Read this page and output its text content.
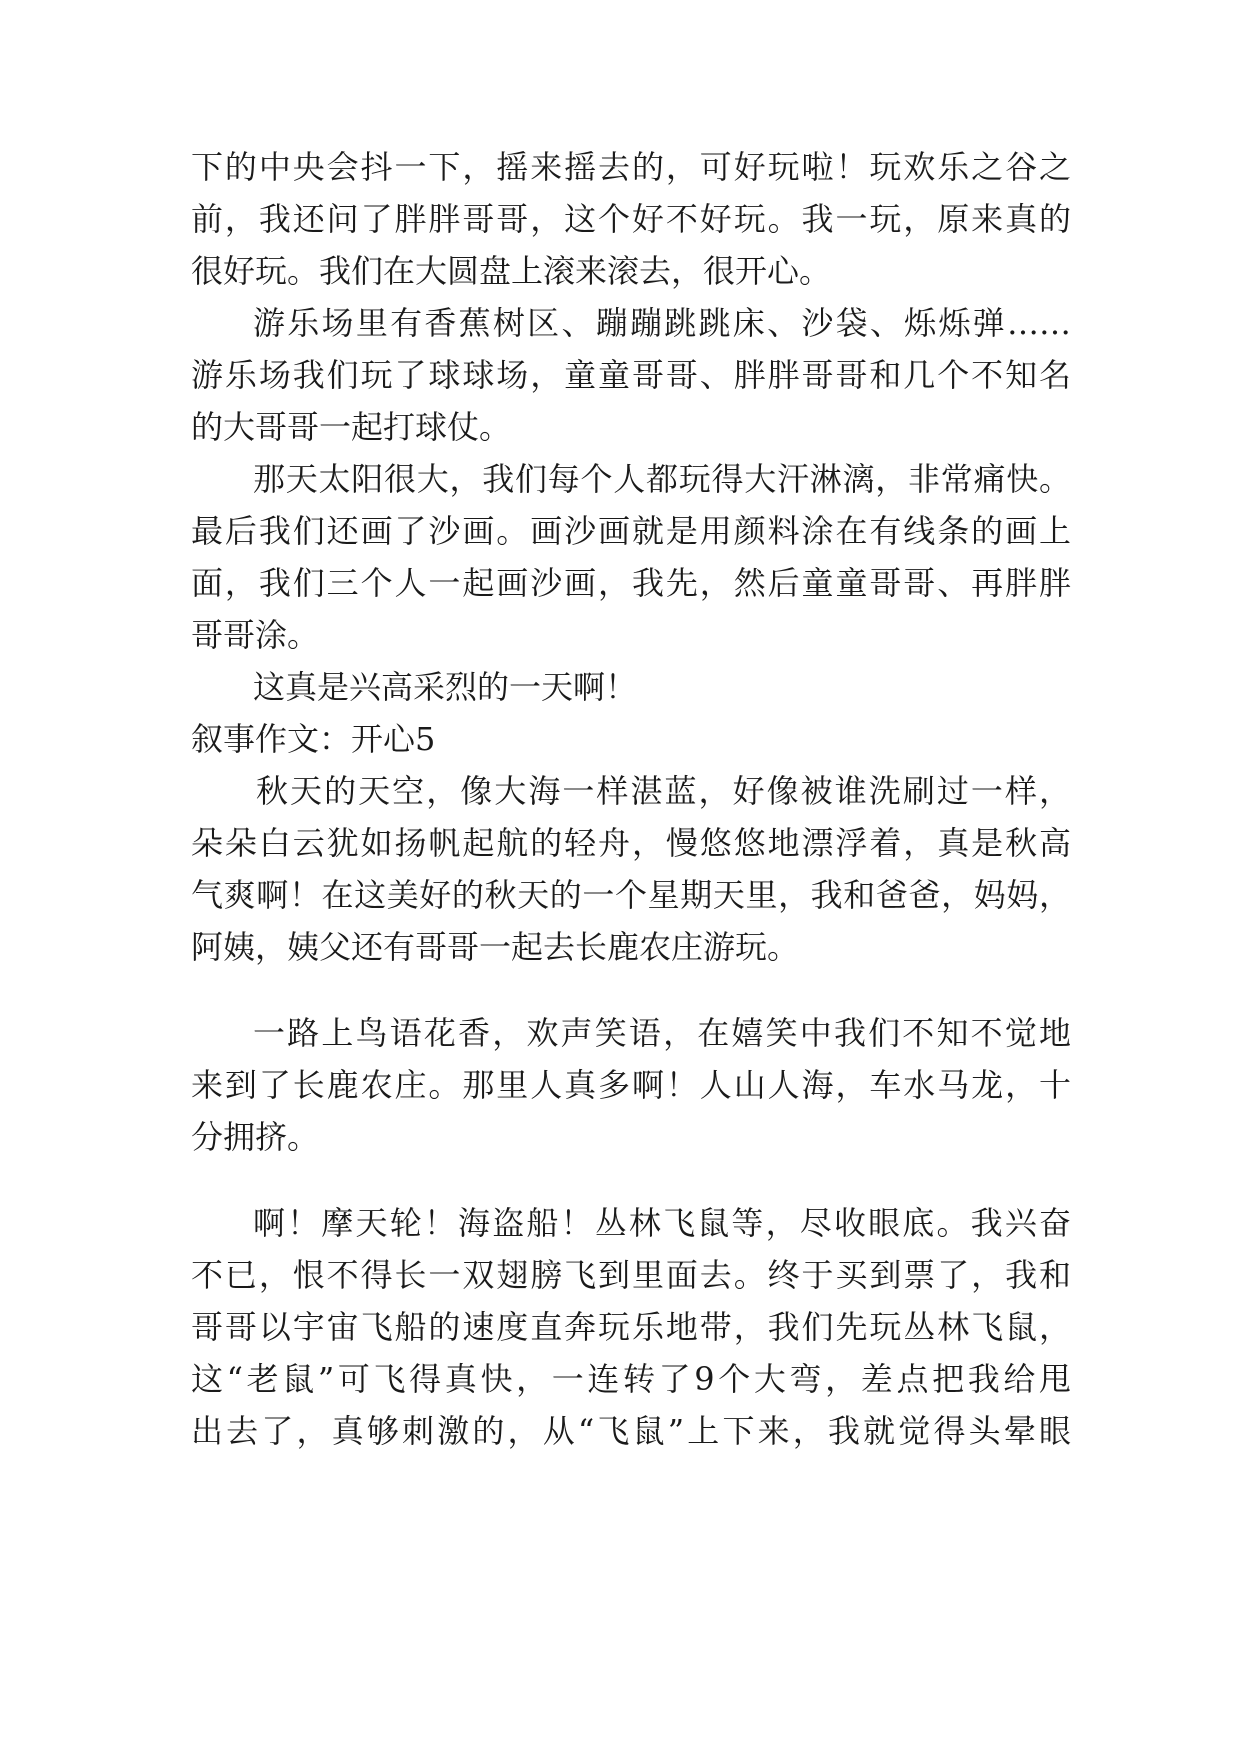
下的中央会抖一下，摇来摇去的，可好玩啦！玩欢乐之谷之
前，我还问了胖胖哥哥，这个好不好玩。我一玩，原来真的
很好玩。我们在大圆盘上滚来滚去，很开心。
游乐场里有香蕉树区、蹦蹦跳跳床、沙袋、烁烁弹……
游乐场我们玩了球球场，童童哥哥、胖胖哥哥和几个不知名
的大哥哥一起打球仗。
那天太阳很大，我们每个人都玩得大汗淋漓，非常痛快。
最后我们还画了沙画。画沙画就是用颜料涂在有线条的画上
面，我们三个人一起画沙画，我先，然后童童哥哥、再胖胖
哥哥涂。
这真是兴高采烈的一天啊！
叙事作文：开心5
秋天的天空，像大海一样湛蓝，好像被谁洗刷过一样，
朵朵白云犹如扬帆起航的轻舟，慢悠悠地漂浮着，真是秋高
气爽啊！在这美好的秋天的一个星期天里，我和爸爸，妈妈，
阿姨，姨父还有哥哥一起去长鹿农庄游玩。
一路上鸟语花香，欢声笑语，在嬉笑中我们不知不觉地
来到了长鹿农庄。那里人真多啊！人山人海，车水马龙，十
分拥挤。
啊！摩天轮！海盗船！丛林飞鼠等，尽收眼底。我兴奋
不已，恨不得长一双翅膀飞到里面去。终于买到票了，我和
哥哥以宇宙飞船的速度直奔玩乐地带，我们先玩丛林飞鼠，
这“老鼠”可飞得真快，一连转了9个大弯，差点把我给甩
出去了，真够刺激的，从“飞鼠”上下来，我就觉得头晕眼
